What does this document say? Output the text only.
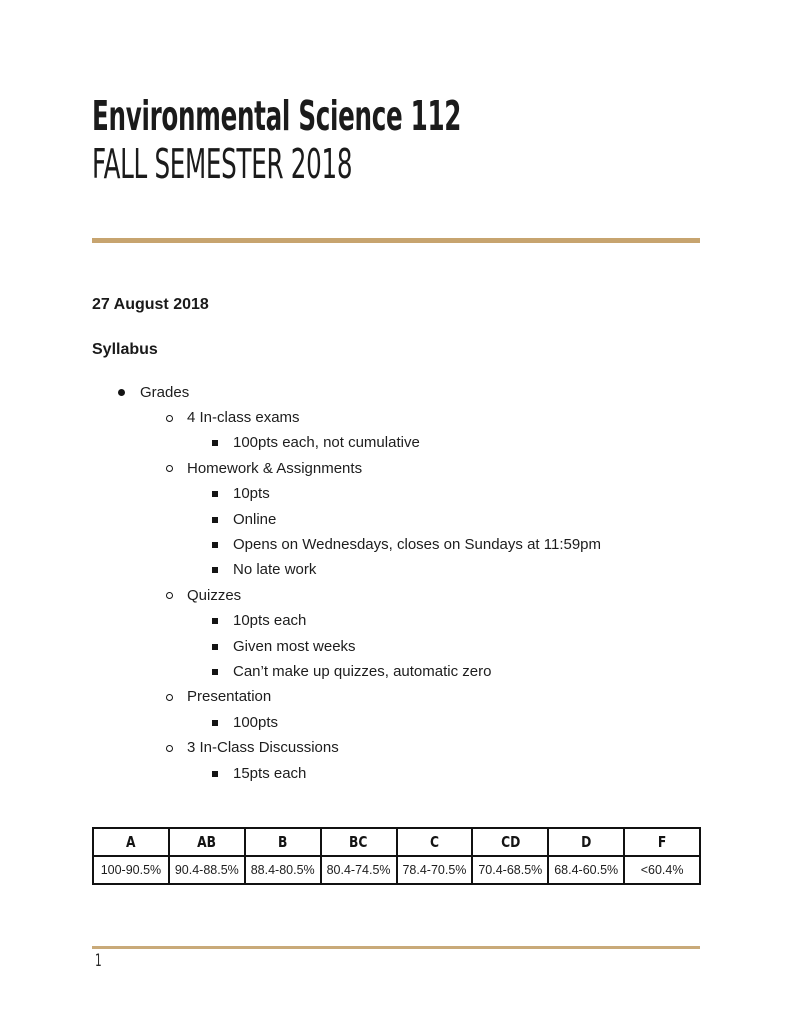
Environmental Science 112
FALL SEMESTER 2018
27 August 2018
Syllabus
Grades
4 In-class exams
100pts each, not cumulative
Homework & Assignments
10pts
Online
Opens on Wednesdays, closes on Sundays at 11:59pm
No late work
Quizzes
10pts each
Given most weeks
Can’t make up quizzes, automatic zero
Presentation
100pts
3 In-Class Discussions
15pts each
A	AB	B	BC	C	CD	D	F
100-90.5%	90.4-88.5%	88.4-80.5%	80.4-74.5%	78.4-70.5%	70.4-68.5%	68.4-60.5%	<60.4%
1
